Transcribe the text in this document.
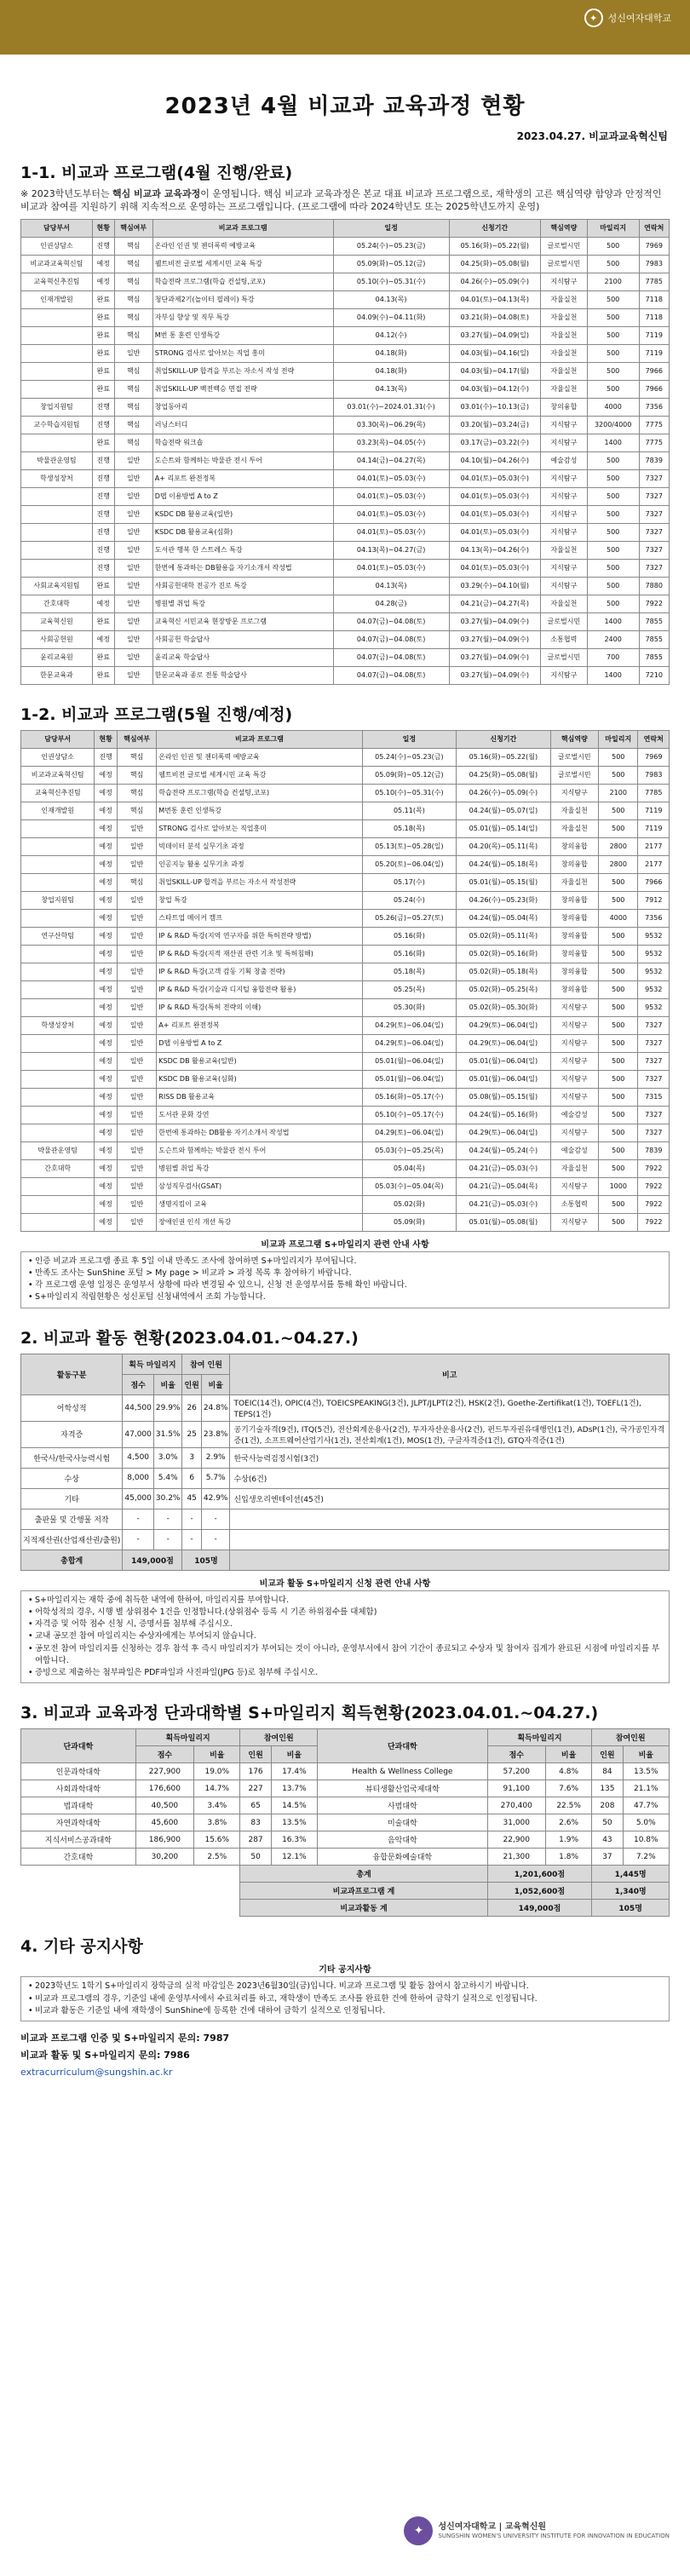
✦	성신여자대학교
2023년 4월 비교과 교육과정 현황
2023.04.27. 비교과교육혁신팀
1-1. 비교과 프로그램(4월 진행/완료)

※ 2023학년도부터는 핵심 비교과 교육과정이 운영됩니다. 핵심 비교과 교육과정은 본교 대표 비교과 프로그램으로, 재학생의 고른 핵심역량 함양과 안정적인 비교과 참여를 지원하기 위해 지속적으로 운영하는 프로그램입니다. (프로그램에 따라 2024학년도 또는 2025학년도까지 운영)

담당부서	현황	핵심여부	비교과 프로그램	일정	신청기간	핵심역량	마일리지	연락처
인권상담소	진행	핵심	온라인 인권 및 젠더폭력 예방교육	05.24(수)~05.23(금)	05.16(화)~05.22(월)	글로벌시민	500	7969
비교과교육혁신팀	예정	핵심	웰트비전 글로벌 세계시민 교육 특강	05.09(화)~05.12(금)	04.25(화)~05.08(월)	글로벌시민	500	7983
교육혁신추진팀	예정	핵심	학습전략 프로그램(학습 컨설팅,코포)	05.10(수)~05.31(수)	04.26(수)~05.09(수)	지식탐구	2100	7785
인재개발원	완료	핵심	청단과제2기(놀이터 필레이) 특강	04.13(목)	04.01(토)~04.13(목)	자율실천	500	7118
	완료	핵심	자부심 향상 및 직무 특강	04.09(수)~04.11(화)	03.21(화)~04.08(토)	자율실천	500	7118
	완료	핵심	M번 통 훈련 인생특강	04.12(수)	03.27(월)~04.09(일)	자율실천	500	7119
	완료	일반	STRONG 검사로 알아보는 직업 흥미	04.18(화)	04.03(월)~04.16(일)	자율실천	500	7119
	완료	핵심	취업SKILL-UP 합격을 부르는 자소서 작성 전략	04.18(화)	04.03(월)~04.17(월)	자율실천	500	7966
	완료	핵심	취업SKILL-UP 백전백승 면접 전략	04.13(목)	04.03(월)~04.12(수)	자율실천	500	7966
창업지원팀	진행	핵심	창업동아리	03.01(수)~2024.01.31(수)	03.01(수)~10.13(금)	창의융합	4000	7356
교수학습지원팀	진행	핵심	러닝스터디	03.30(목)~06.29(목)	03.20(월)~03.24(금)	지식탐구	3200/4000	7775
	완료	핵심	학습전략 워크숍	03.23(목)~04.05(수)	03.17(금)~03.22(수)	지식탐구	1400	7775
박물관운영팀	진행	일반	도슨트와 함께하는 박물관 전시 투어	04.14(금)~04.27(목)	04.10(월)~04.26(수)	예술감성	500	7839
학생성장처	진행	일반	A+ 리포트 완전정복	04.01(토)~05.03(수)	04.01(토)~05.03(수)	지식탐구	500	7327
	진행	일반	D탭 이용방법 A to Z	04.01(토)~05.03(수)	04.01(토)~05.03(수)	지식탐구	500	7327
	진행	일반	KSDC DB 활용교육(일반)	04.01(토)~05.03(수)	04.01(토)~05.03(수)	지식탐구	500	7327
	진행	일반	KSDC DB 활용교육(심화)	04.01(토)~05.03(수)	04.01(토)~05.03(수)	지식탐구	500	7327
	진행	일반	도서관 행복 한 스트레스 특강	04.13(목)~04.27(금)	04.13(목)~04.26(수)	자율실천	500	7327
	진행	일반	한번에 통과하는 DB활용을 자기소개서 작성법	04.01(토)~05.03(수)	04.01(토)~05.03(수)	지식탐구	500	7327
사회교육지원팀	완료	일반	사회공헌대학 전공가 진로 특강	04.13(목)	03.29(수)~04.10(월)	지식탐구	500	7880
간호대학	예정	일반	병원별 취업 특강	04.28(금)	04.21(금)~04.27(목)	자율실천	500	7922
교육혁신원	완료	일반	교육혁신 시민교육 현장방문 프로그램	04.07(금)~04.08(토)	03.27(월)~04.09(수)	글로벌시민	1400	7855
사회공헌원	예정	일반	사회공헌 학술답사	04.07(금)~04.08(토)	03.27(월)~04.09(수)	소통협력	2400	7855
윤리교육원	완료	일반	윤리교육 학술답사	04.07(금)~04.08(토)	03.27(월)~04.09(수)	글로벌시민	700	7855
한문교육과	완료	일반	한문교육과 종로 전통 학술답사	04.07(금)~04.08(토)	03.27(월)~04.09(수)	지식탐구	1400	7210
1-2. 비교과 프로그램(5월 진행/예정)
담당부서	현황	핵심여부	비교과 프로그램	일정	신청기간	핵심역량	마일리지	연락처
인권상담소	진행	핵심	온라인 인권 및 젠더폭력 예방교육	05.24(수)~05.23(금)	05.16(화)~05.22(월)	글로벌시민	500	7969
비교과교육혁신팀	예정	핵심	웰트비전 글로벌 세계시민 교육 특강	05.09(화)~05.12(금)	04.25(화)~05.08(월)	글로벌시민	500	7983
교육혁신추진팀	예정	핵심	학습전략 프로그램(학습 컨설팅,코포)	05.10(수)~05.31(수)	04.26(수)~05.09(수)	지식탐구	2100	7785
인재개발원	예정	핵심	M번통 훈련 인생특강	05.11(목)	04.24(월)~05.07(일)	자율실천	500	7119
	예정	일반	STRONG 검사로 알아보는 직업흥미	05.18(목)	05.01(월)~05.14(일)	자율실천	500	7119
	예정	일반	빅데이터 분석 실무기초 과정	05.13(토)~05.28(일)	04.20(목)~05.11(목)	창의융합	2800	2177
	예정	일반	인공지능 활용 실무기초 과정	05.20(토)~06.04(일)	04.24(월)~05.18(목)	창의융합	2800	2177
	예정	핵심	취업SKILL-UP 합격을 부르는 자소서 작성전략	05.17(수)	05.01(월)~05.15(월)	자율실천	500	7966
창업지원팀	예정	일반	창업 특강	05.24(수)	04.26(수)~05.23(화)	창의융합	500	7912
	예정	일반	스타트업 메이커 캠프	05.26(금)~05.27(토)	04.24(월)~05.04(목)	창의융합	4000	7356
연구산학팀	예정	일반	IP & R&D 특강(지역 연구자를 위한 특허전략 방법)	05.16(화)	05.02(화)~05.11(목)	창의융합	500	9532
	예정	일반	IP & R&D 특강(지적 재산권 관련 기초 및 특허침해)	05.16(화)	05.02(화)~05.16(화)	창의융합	500	9532
	예정	일반	IP & R&D 특강(고객 감동 기획 창출 전략)	05.18(목)	05.02(화)~05.18(목)	창의융합	500	9532
	예정	일반	IP & R&D 특강(기술과 디지털 융합전략 활용)	05.25(목)	05.02(화)~05.25(목)	창의융합	500	9532
	예정	일반	IP & R&D 특강(특허 전략의 이해)	05.30(화)	05.02(화)~05.30(화)	지식탐구	500	9532
학생성장처	예정	일반	A+ 리포트 완전정복	04.29(토)~06.04(일)	04.29(토)~06.04(일)	지식탐구	500	7327
	예정	일반	D탭 이용방법 A to Z	04.29(토)~06.04(일)	04.29(토)~06.04(일)	지식탐구	500	7327
	예정	일반	KSDC DB 활용교육(일반)	05.01(월)~06.04(일)	05.01(월)~06.04(일)	지식탐구	500	7327
	예정	일반	KSDC DB 활용교육(심화)	05.01(월)~06.04(일)	05.01(월)~06.04(일)	지식탐구	500	7327
	예정	일반	RISS DB 활용교육	05.16(화)~05.17(수)	05.08(월)~05.15(월)	지식탐구	500	7315
	예정	일반	도서관 문화 강연	05.10(수)~05.17(수)	04.24(월)~05.16(화)	예술감성	500	7327
	예정	일반	한번에 통과하는 DB활용 자기소개서 작성법	04.29(토)~06.04(일)	04.29(토)~06.04(일)	지식탐구	500	7327
박물관운영팀	예정	일반	도슨트와 함께하는 박물관 전시 투어	05.03(수)~05.25(목)	04.24(월)~05.24(수)	예술감성	500	7839
간호대학	예정	일반	병원별 취업 특강	05.04(목)	04.21(금)~05.03(수)	자율실천	500	7922
	예정	일반	삼성직무검사(GSAT)	05.03(수)~05.04(목)	04.21(금)~05.04(목)	지식탐구	1000	7922
	예정	일반	생명지킴이 교육	05.02(화)	04.21(금)~05.03(수)	소통협력	500	7922
	예정	일반	장애인권 인식 개선 특강	05.09(화)	05.01(월)~05.08(월)	지식탐구	500	7922
비교과 프로그램 S+마일리지 관련 안내 사항
• 인증 비교과 프로그램 종료 후 5일 이내 만족도 조사에 참여하면 S+마일리지가 부여됩니다.
• 만족도 조사는 SunShine 포털 > My page > 비교과 > 과정 목록 후 참여하기 바랍니다.
• 각 프로그램 운영 일정은 운영부서 상황에 따라 변경될 수 있으니, 신청 전 운영부서를 통해 확인 바랍니다.
• S+마일리지 적립현황은 성신포털 신청내역에서 조회 가능합니다.
2. 비교과 활동 현황(2023.04.01.~04.27.)
활동구분	획득 마일리지		참여 인원		비고
	점수	비율	인원	비율	
어학성적	44,500	29.9%	26	24.8%	TOEIC(14건), OPIC(4건), TOEICSPEAKING(3건), JLPT/JLPT(2건), HSK(2건), Goethe-Zertifikat(1건), TOEFL(1건), TEPS(1건)
자격증	47,000	31.5%	25	23.8%	공기기술자격(9건), ITQ(5건), 전산회계운용사(2건), 투자자산운용사(2건), 펀드투자권유대행인(1건), ADsP(1건), 국가공인자격증(1건), 소프트웨어산업기사(1건), 전산회계(1건), MOS(1건), 구글자격증(1건), GTQ자격증(1건)
한국사/한국사능력시험	4,500	3.0%	3	2.9%	한국사능력검정시험(3건)
수상	8,000	5.4%	6	5.7%	수상(6건)
기타	45,000	30.2%	45	42.9%	신입생오리엔테이션(45건)
출판물 및 간행물 저작	-	-	-	-	
지적재산권(산업재산권/출원)	-	-	-	-	
총합계	149,000점		105명		
비교과 활동 S+마일리지 신청 관련 안내 사항
• S+마일리지는 재학 중에 취득한 내역에 한하여, 마일리지를 부여합니다.
• 어학성적의 경우, 시행 별 상위점수 1건을 인정합니다.(상위점수 등록 시 기존 하위점수를 대체함)
• 자격증 및 어학 점수 신청 시, 증명서를 첨부해 주십시오.
• 교내 공모전 참여 마일리지는 수상자에게는 부여되지 않습니다.
• 공모전 참여 마일리지를 신청하는 경우 참석 후 즉시 마일리지가 부여되는 것이 아니라, 운영부서에서 참여 기간이 종료되고 수상자 및 참여자 집계가 완료된 시점에 마일리지를 부여합니다.
• 증빙으로 제출하는 첨부파일은 PDF파일과 사진파일(JPG 등)로 첨부해 주십시오.
3. 비교과 교육과정 단과대학별 S+마일리지 획득현황(2023.04.01.~04.27.)
단과대학	획득마일리지		참여인원		단과대학	획득마일리지		참여인원	
	점수	비율	인원	비율		점수	비율	인원	비율
인문과학대학	227,900	19.0%	176	17.4%	Health & Wellness College	57,200	4.8%	84	13.5%
사회과학대학	176,600	14.7%	227	13.7%	뷰티생활산업국제대학	91,100	7.6%	135	21.1%
법과대학	40,500	3.4%	65	14.5%	사범대학	270,400	22.5%	208	47.7%
자연과학대학	45,600	3.8%	83	13.5%	미술대학	31,000	2.6%	50	5.0%
지식서비스공과대학	186,900	15.6%	287	16.3%	음악대학	22,900	1.9%	43	10.8%
간호대학	30,200	2.5%	50	12.1%	융합문화예술대학	21,300	1.8%	37	7.2%
			총계			1,201,600점		1,445명	
			비교과프로그램 계			1,052,600점		1,340명	
			비교과활동 계			149,000점		105명	
4. 기타 공지사항
기타 공지사항
• 2023학년도 1학기 S+마일리지 장학금의 실적 마감일은 2023년6월30일(금)입니다. 비교과 프로그램 및 활동 참여시 참고하시기 바랍니다.
• 비교과 프로그램의 경우, 기준일 내에 운영부서에서 수료처리를 하고, 재학생이 만족도 조사를 완료한 건에 한하여 금학기 실적으로 인정됩니다.
• 비교과 활동은 기준일 내에 재학생이 SunShine에 등록한 건에 대하여 금학기 실적으로 인정됩니다.
비교과 프로그램 인증 및 S+마일리지 문의: 7987
비교과 활동 및 S+마일리지 문의: 7986
extracurriculum@sungshin.ac.kr
✦	성신여자대학교 | 교육혁신원
SUNGSHIN WOMEN'S UNIVERSITY INSTITUTE FOR INNOVATION IN EDUCATION
